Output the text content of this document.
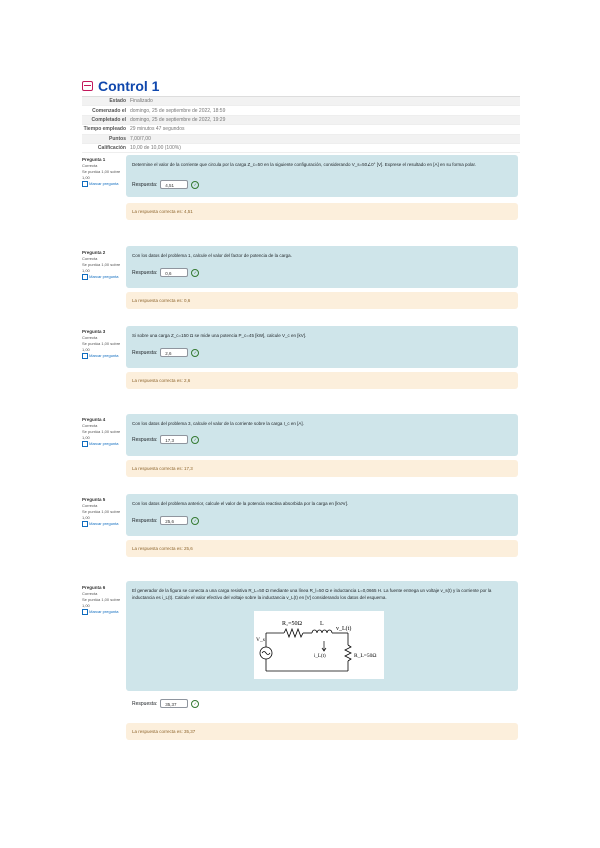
Control 1
Estado Finalizado
Comenzado el domingo, 25 de septiembre de 2022, 18:59
Completado el domingo, 25 de septiembre de 2022, 19:29
Tiempo empleado 29 minutos 47 segundos
Puntos 7,00/7,00
Calificación 10,00 de 10,00 (100%)
Pregunta 1
Correcta
Se puntúa 1,00 sobre 1,00
Marcar pregunta
Determine el valor de la corriente que circula por la carga Z_c=50 en la siguiente configuración, considerando V_s=50∠0° [V]. Exprese el resultado en [A] en su forma polar.
Respuesta:	4,51	✓
La respuesta correcta es: 4,51
Pregunta 2
Correcta
Se puntúa 1,00 sobre 1,00
Marcar pregunta
Con los datos del problema 1, calcule el valor del factor de potencia de la carga.
Respuesta:	0,6	✓
La respuesta correcta es: 0,6
Pregunta 3
Correcta
Se puntúa 1,00 sobre 1,00
Marcar pregunta
Si sobre una carga Z_c=150 Ω se mide una potencia P_c=45 [kW], calcule V_c en [kV].
Respuesta:	2,6	✓
La respuesta correcta es: 2,6
Pregunta 4
Correcta
Se puntúa 1,00 sobre 1,00
Marcar pregunta
Con los datos del problema 3, calcule el valor de la corriente sobre la carga I_c en [A].
Respuesta:	17,3	✓
La respuesta correcta es: 17,3
Pregunta 5
Correcta
Se puntúa 1,00 sobre 1,00
Marcar pregunta
Con los datos del problema anterior, calcule el valor de la potencia reactiva absorbida por la carga en [kVAr].
Respuesta:	25,6	✓
La respuesta correcta es: 25,6
Pregunta 6
Correcta
Se puntúa 1,00 sobre 1,00
Marcar pregunta
El generador de la figura se conecta a una carga resistiva R_L=50 Ω mediante una línea R_l=50 Ω e inductancia L=0,0665 H. La fuente entrega un voltaje v_s(t) y la corriente por la inductancia es i_L(t). Calcule el valor efectivo del voltaje sobre la inductancia v_L(t) en [V] considerando los datos del esquema.
R₁=50Ω	L
v_L(t)
i_L(t)	R_L=50Ω
V_s
Respuesta:	35,37	✓
La respuesta correcta es: 35,37
